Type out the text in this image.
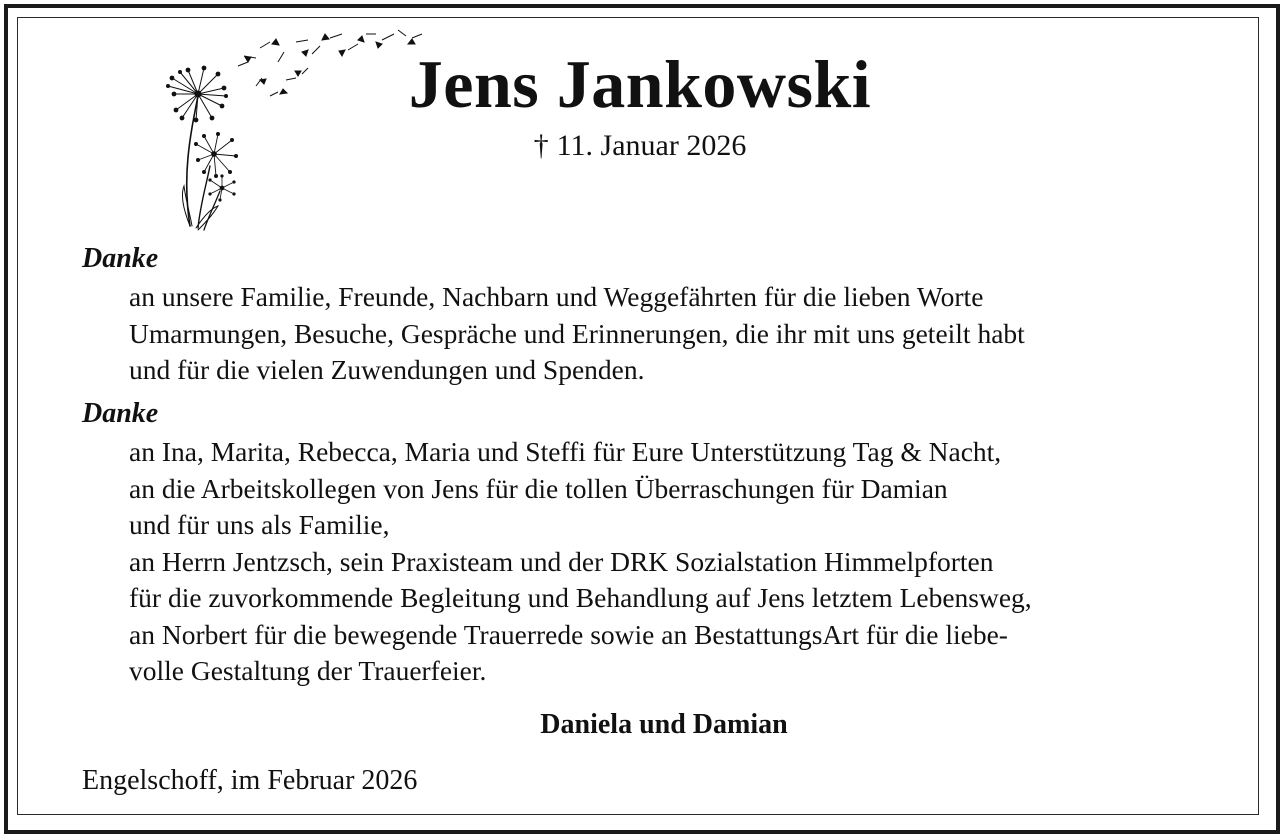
Jens Jankowski
† 11. Januar 2026
Danke
an unsere Familie, Freunde, Nachbarn und Weggefährten für die lieben Worte
Umarmungen, Besuche, Gespräche und Erinnerungen, die ihr mit uns geteilt habt
und für die vielen Zuwendungen und Spenden.
Danke
an Ina, Marita, Rebecca, Maria und Steffi für Eure Unterstützung Tag & Nacht,
an die Arbeitskollegen von Jens für die tollen Überraschungen für Damian
und für uns als Familie,
an Herrn Jentzsch, sein Praxisteam und der DRK Sozialstation Himmelpforten
für die zuvorkommende Begleitung und Behandlung auf Jens letztem Lebensweg,
an Norbert für die bewegende Trauerrede sowie an BestattungsArt für die liebe-
volle Gestaltung der Trauerfeier.
Daniela und Damian
Engelschoff, im Februar 2026
